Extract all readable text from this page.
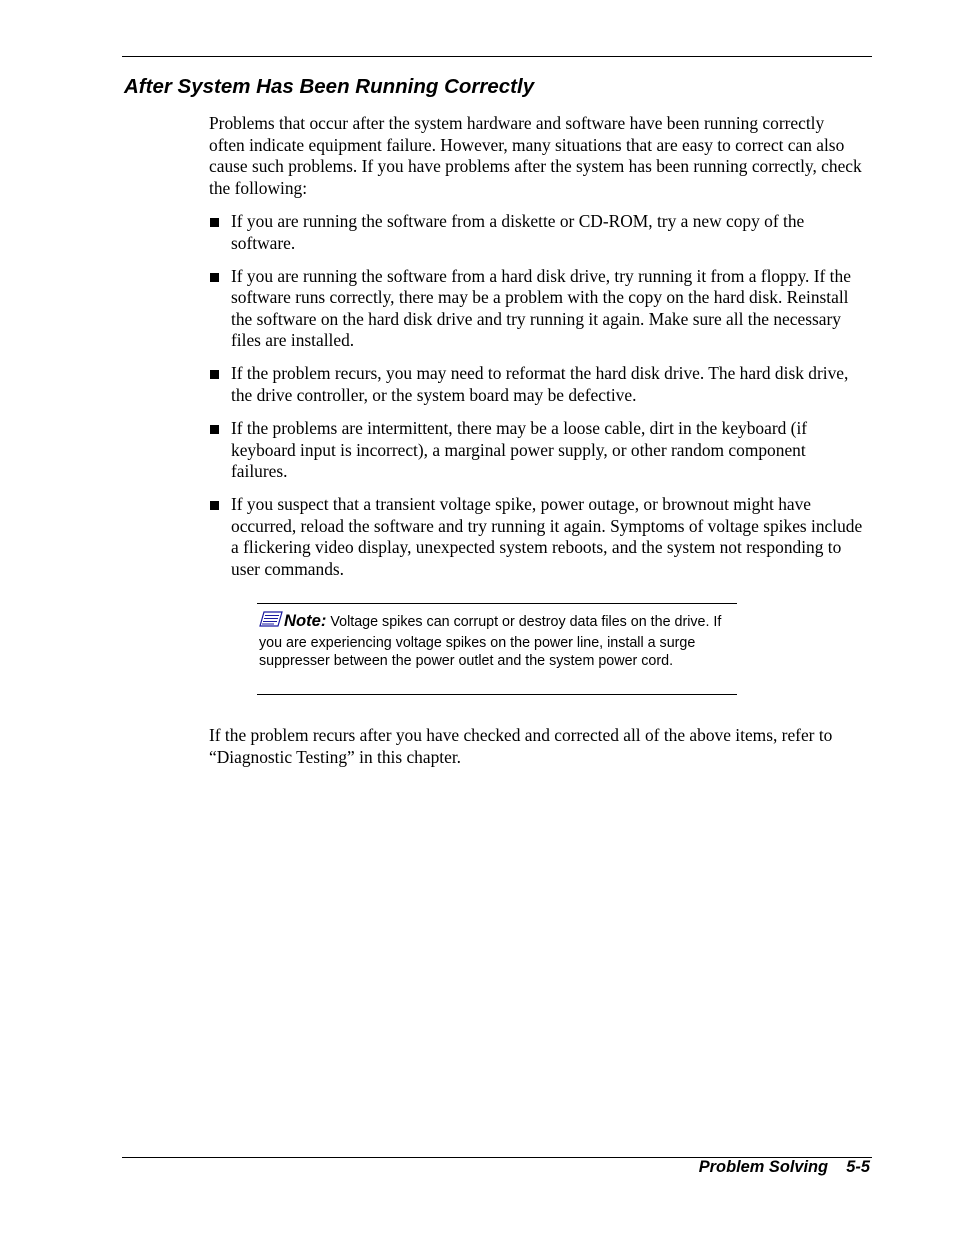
After System Has Been Running Correctly

Problems that occur after the system hardware and software have been running correctly often indicate equipment failure. However, many situations that are easy to correct can also cause such problems. If you have problems after the system has been running correctly, check the following:

If you are running the software from a diskette or CD-ROM, try a new copy of the software.
If you are running the software from a hard disk drive, try running it from a floppy. If the software runs correctly, there may be a problem with the copy on the hard disk. Reinstall the software on the hard disk drive and try running it again. Make sure all the necessary files are installed.
If the problem recurs, you may need to reformat the hard disk drive. The hard disk drive, the drive controller, or the system board may be defective.
If the problems are intermittent, there may be a loose cable, dirt in the keyboard (if keyboard input is incorrect), a marginal power supply, or other random component failures.
If you suspect that a transient voltage spike, power outage, or brownout might have occurred, reload the software and try running it again. Symptoms of voltage spikes include a flickering video display, unexpected system reboots, and the system not responding to user commands.
Note: Voltage spikes can corrupt or destroy data files on the drive. If you are experiencing voltage spikes on the power line, install a surge suppresser between the power outlet and the system power cord.

If the problem recurs after you have checked and corrected all of the above items, refer to “Diagnostic Testing” in this chapter.

Problem Solving 5-5
